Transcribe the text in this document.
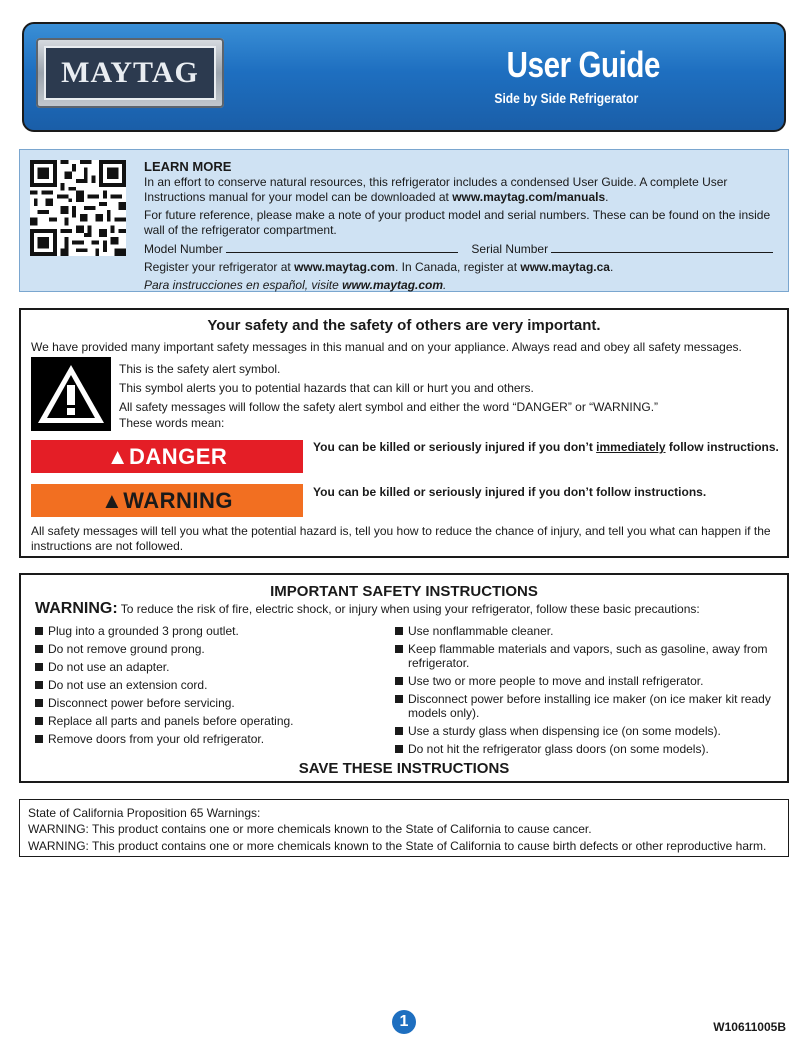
MAYTAG	User Guide
Side by Side Refrigerator
LEARN MORE

In an effort to conserve natural resources, this refrigerator includes a condensed User Guide. A complete User Instructions manual for your model can be downloaded at www.maytag.com/manuals.

For future reference, please make a note of your product model and serial numbers. These can be found on the inside wall of the refrigerator compartment.

Model Number	Serial Number

Register your refrigerator at www.maytag.com. In Canada, register at www.maytag.ca.

Para instrucciones en español, visite www.maytag.com.

Your safety and the safety of others are very important.
We have provided many important safety messages in this manual and on your appliance. Always read and obey all safety messages.
This is the safety alert symbol.
This symbol alerts you to potential hazards that can kill or hurt you and others.
All safety messages will follow the safety alert symbol and either the word “DANGER” or “WARNING.”
These words mean:
▲ DANGER	You can be killed or seriously injured if you don’t immediately follow instructions.
▲ WARNING	You can be killed or seriously injured if you don’t follow instructions.
All safety messages will tell you what the potential hazard is, tell you how to reduce the chance of injury, and tell you what can happen if the instructions are not followed.
IMPORTANT SAFETY INSTRUCTIONS
WARNING: To reduce the risk of fire, electric shock, or injury when using your refrigerator, follow these basic precautions:
Plug into a grounded 3 prong outlet.
Do not remove ground prong.
Do not use an adapter.
Do not use an extension cord.
Disconnect power before servicing.
Replace all parts and panels before operating.
Remove doors from your old refrigerator.
Use nonflammable cleaner.
Keep flammable materials and vapors, such as gasoline, away from refrigerator.
Use two or more people to move and install refrigerator.
Disconnect power before installing ice maker (on ice maker kit ready models only).
Use a sturdy glass when dispensing ice (on some models).
Do not hit the refrigerator glass doors (on some models).
SAVE THESE INSTRUCTIONS
State of California Proposition 65 Warnings:
WARNING: This product contains one or more chemicals known to the State of California to cause cancer.
WARNING: This product contains one or more chemicals known to the State of California to cause birth defects or other reproductive harm.
1	W10611005B
